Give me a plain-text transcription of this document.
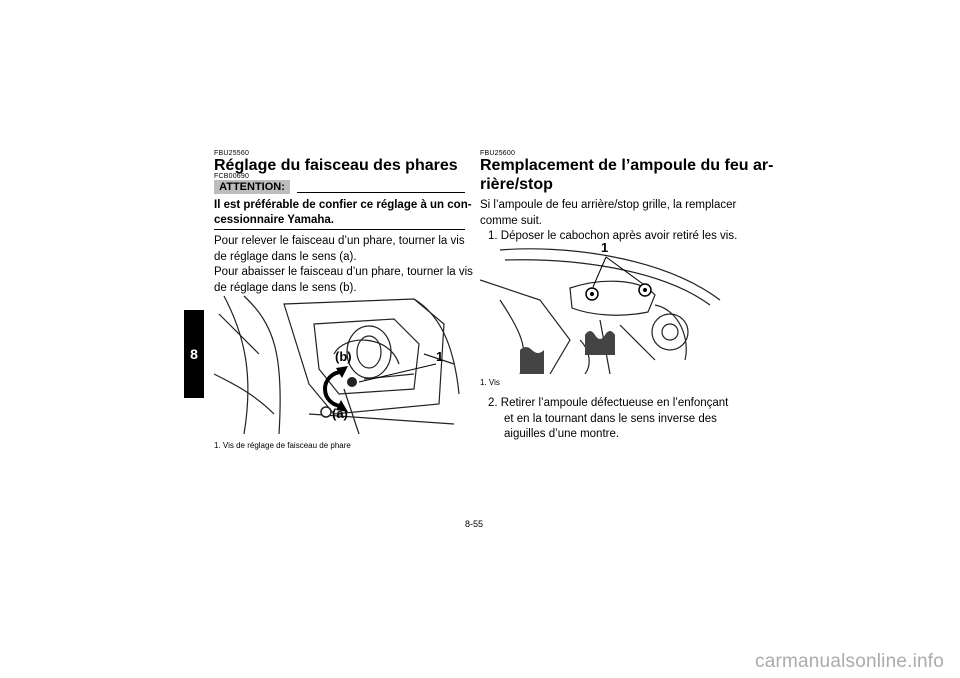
8
FBU25560
Réglage du faisceau des phares
FCB00690
ATTENTION:
Il est préférable de confier ce réglage à un con-
cessionnaire Yamaha.
Pour relever le faisceau d’un phare, tourner la vis
de réglage dans le sens (a).
Pour abaisser le faisceau d’un phare, tourner la vis
de réglage dans le sens (b).
(b)
(a)
1
1. Vis de réglage de faisceau de phare
FBU25600
Remplacement de l’ampoule du feu ar-
rière/stop
Si l’ampoule de feu arrière/stop grille, la remplacer
comme suit.
1. Déposer le cabochon après avoir retiré les vis.
1
1. Vis
2. Retirer l’ampoule défectueuse en l’enfonçant
et en la tournant dans le sens inverse des
aiguilles d’une montre.
8-55
carmanualsonline.info
